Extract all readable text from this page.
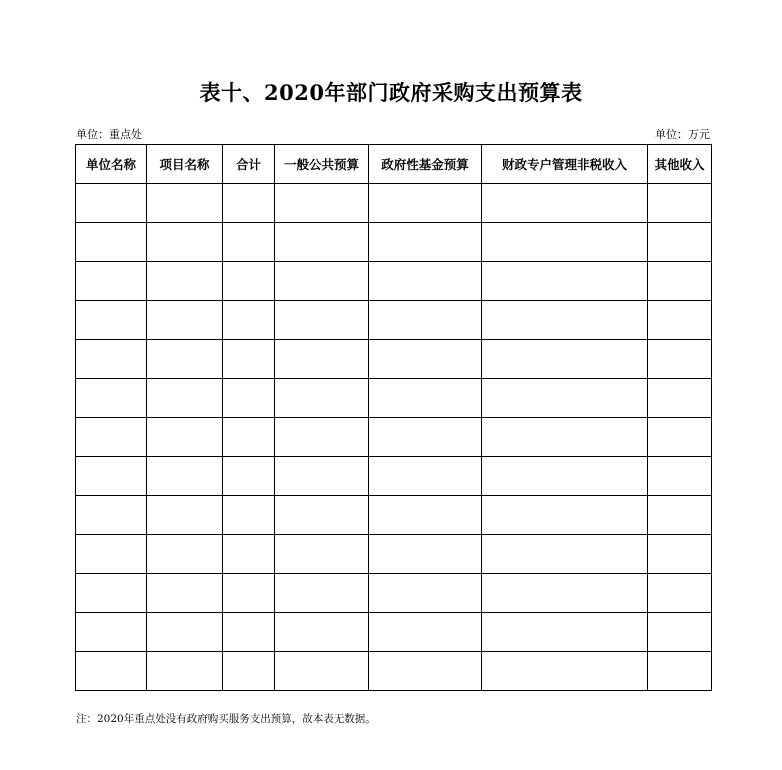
表十、2020年部门政府采购支出预算表
单位：重点处	单位：万元
单位名称	项目名称	合计	一般公共预算	政府性基金预算	财政专户管理非税收入	其他收入

注：2020年重点处没有政府购买服务支出预算，故本表无数据。
